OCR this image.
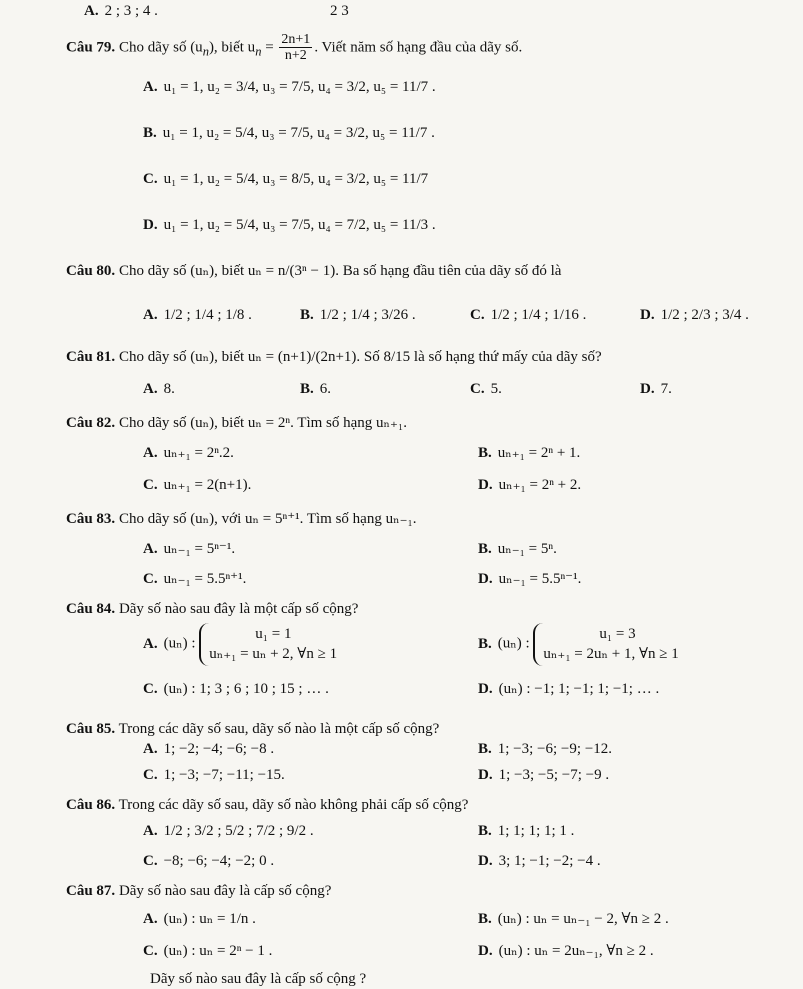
A. 2 ; 3 ; 4 .	2 3
Câu 79. Cho dãy số $(u_n)$, biết $u_n = \frac{2n+1}{n+2}$ . Viết năm số hạng đầu của dãy số.
A. u₁ = 1, u₂ = 3/4, u₃ = 7/5, u₄ = 3/2, u₅ = 11/7 .
B. u₁ = 1, u₂ = 5/4, u₃ = 7/5, u₄ = 3/2, u₅ = 11/7 .
C. u₁ = 1, u₂ = 5/4, u₃ = 8/5, u₄ = 3/2, u₅ = 11/7
D. u₁ = 1, u₂ = 5/4, u₃ = 7/5, u₄ = 7/2, u₅ = 11/3 .
Câu 80. Cho dãy số (uₙ), biết uₙ = n/(3ⁿ − 1). Ba số hạng đầu tiên của dãy số đó là
A. 1/2 ; 1/4 ; 1/8 .	B. 1/2 ; 1/4 ; 3/26 .	C. 1/2 ; 1/4 ; 1/16 .	D. 1/2 ; 2/3 ; 3/4 .
Câu 81. Cho dãy số (uₙ), biết uₙ = (n+1)/(2n+1). Số 8/15 là số hạng thứ mấy của dãy số?
A. 8.	B. 6.	C. 5.	D. 7.
Câu 82. Cho dãy số (uₙ), biết uₙ = 2ⁿ. Tìm số hạng uₙ₊₁.
A. uₙ₊₁ = 2ⁿ.2.	B. uₙ₊₁ = 2ⁿ + 1.
C. uₙ₊₁ = 2(n+1).	D. uₙ₊₁ = 2ⁿ + 2.
Câu 83. Cho dãy số (uₙ), với uₙ = 5ⁿ⁺¹. Tìm số hạng uₙ₋₁.
A. uₙ₋₁ = 5ⁿ⁻¹.	B. uₙ₋₁ = 5ⁿ.
C. uₙ₋₁ = 5.5ⁿ⁺¹.	D. uₙ₋₁ = 5.5ⁿ⁻¹.
Câu 84. Dãy số nào sau đây là một cấp số cộng?
A. (uₙ) :
u₁ = 1
uₙ₊₁ = uₙ + 2, ∀n ≥ 1
B. (uₙ) :
u₁ = 3
uₙ₊₁ = 2uₙ + 1, ∀n ≥ 1
C. (uₙ) : 1; 3 ; 6 ; 10 ; 15 ; … .	D. (uₙ) : −1; 1; −1; 1; −1; … .
Câu 85. Trong các dãy số sau, dãy số nào là một cấp số cộng?
A. 1; −2; −4; −6; −8 .	B. 1; −3; −6; −9; −12.
C. 1; −3; −7; −11; −15.	D. 1; −3; −5; −7; −9 .
Câu 86. Trong các dãy số sau, dãy số nào không phải cấp số cộng?
A. 1/2 ; 3/2 ; 5/2 ; 7/2 ; 9/2 .	B. 1; 1; 1; 1; 1 .
C. −8; −6; −4; −2; 0 .	D. 3; 1; −1; −2; −4 .
Câu 87. Dãy số nào sau đây là cấp số cộng?
A. (uₙ) : uₙ = 1/n .	B. (uₙ) : uₙ = uₙ₋₁ − 2, ∀n ≥ 2 .
C. (uₙ) : uₙ = 2ⁿ − 1 .	D. (uₙ) : uₙ = 2uₙ₋₁, ∀n ≥ 2 .
Dãy số nào sau đây là cấp số cộng ?
